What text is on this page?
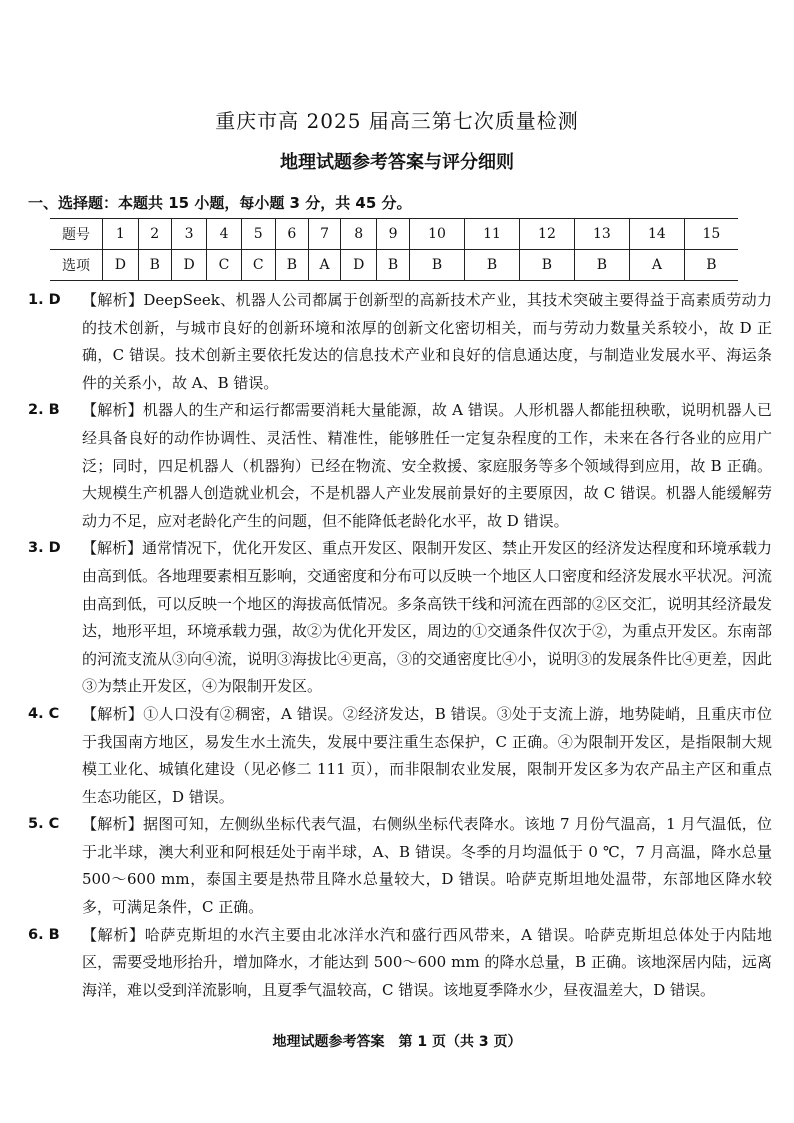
重庆市高 2025 届高三第七次质量检测
地理试题参考答案与评分细则
一、选择题：本题共 15 小题，每小题 3 分，共 45 分。
题号	1	2	3	4	5	6	7	8	9	10	11	12	13	14	15
选项	D	B	D	C	C	B	A	D	B	B	B	B	B	A	B
1. D 【解析】DeepSeek、机器人公司都属于创新型的高新技术产业，其技术突破主要得益于高素质劳动力的技术创新，与城市良好的创新环境和浓厚的创新文化密切相关，而与劳动力数量关系较小，故 D 正确，C 错误。技术创新主要依托发达的信息技术产业和良好的信息通达度，与制造业发展水平、海运条件的关系小，故 A、B 错误。
2. B 【解析】机器人的生产和运行都需要消耗大量能源，故 A 错误。人形机器人都能扭秧歌，说明机器人已经具备良好的动作协调性、灵活性、精准性，能够胜任一定复杂程度的工作，未来在各行各业的应用广泛；同时，四足机器人（机器狗）已经在物流、安全救援、家庭服务等多个领域得到应用，故 B 正确。大规模生产机器人创造就业机会，不是机器人产业发展前景好的主要原因，故 C 错误。机器人能缓解劳动力不足，应对老龄化产生的问题，但不能降低老龄化水平，故 D 错误。
3. D 【解析】通常情况下，优化开发区、重点开发区、限制开发区、禁止开发区的经济发达程度和环境承载力由高到低。各地理要素相互影响，交通密度和分布可以反映一个地区人口密度和经济发展水平状况。河流由高到低，可以反映一个地区的海拔高低情况。多条高铁干线和河流在西部的②区交汇，说明其经济最发达，地形平坦，环境承载力强，故②为优化开发区，周边的①交通条件仅次于②，为重点开发区。东南部的河流支流从③向④流，说明③海拔比④更高，③的交通密度比④小，说明③的发展条件比④更差，因此③为禁止开发区，④为限制开发区。
4. C 【解析】①人口没有②稠密，A 错误。②经济发达，B 错误。③处于支流上游，地势陡峭，且重庆市位于我国南方地区，易发生水土流失，发展中要注重生态保护，C 正确。④为限制开发区，是指限制大规模工业化、城镇化建设（见必修二 111 页），而非限制农业发展，限制开发区多为农产品主产区和重点生态功能区，D 错误。
5. C 【解析】据图可知，左侧纵坐标代表气温，右侧纵坐标代表降水。该地 7 月份气温高，1 月气温低，位于北半球，澳大利亚和阿根廷处于南半球，A、B 错误。冬季的月均温低于 0 ℃，7 月高温，降水总量 500～600 mm，泰国主要是热带且降水总量较大，D 错误。哈萨克斯坦地处温带，东部地区降水较多，可满足条件，C 正确。
6. B 【解析】哈萨克斯坦的水汽主要由北冰洋水汽和盛行西风带来，A 错误。哈萨克斯坦总体处于内陆地区，需要受地形抬升，增加降水，才能达到 500～600 mm 的降水总量，B 正确。该地深居内陆，远离海洋，难以受到洋流影响，且夏季气温较高，C 错误。该地夏季降水少，昼夜温差大，D 错误。
地理试题参考答案　第 1 页（共 3 页）
